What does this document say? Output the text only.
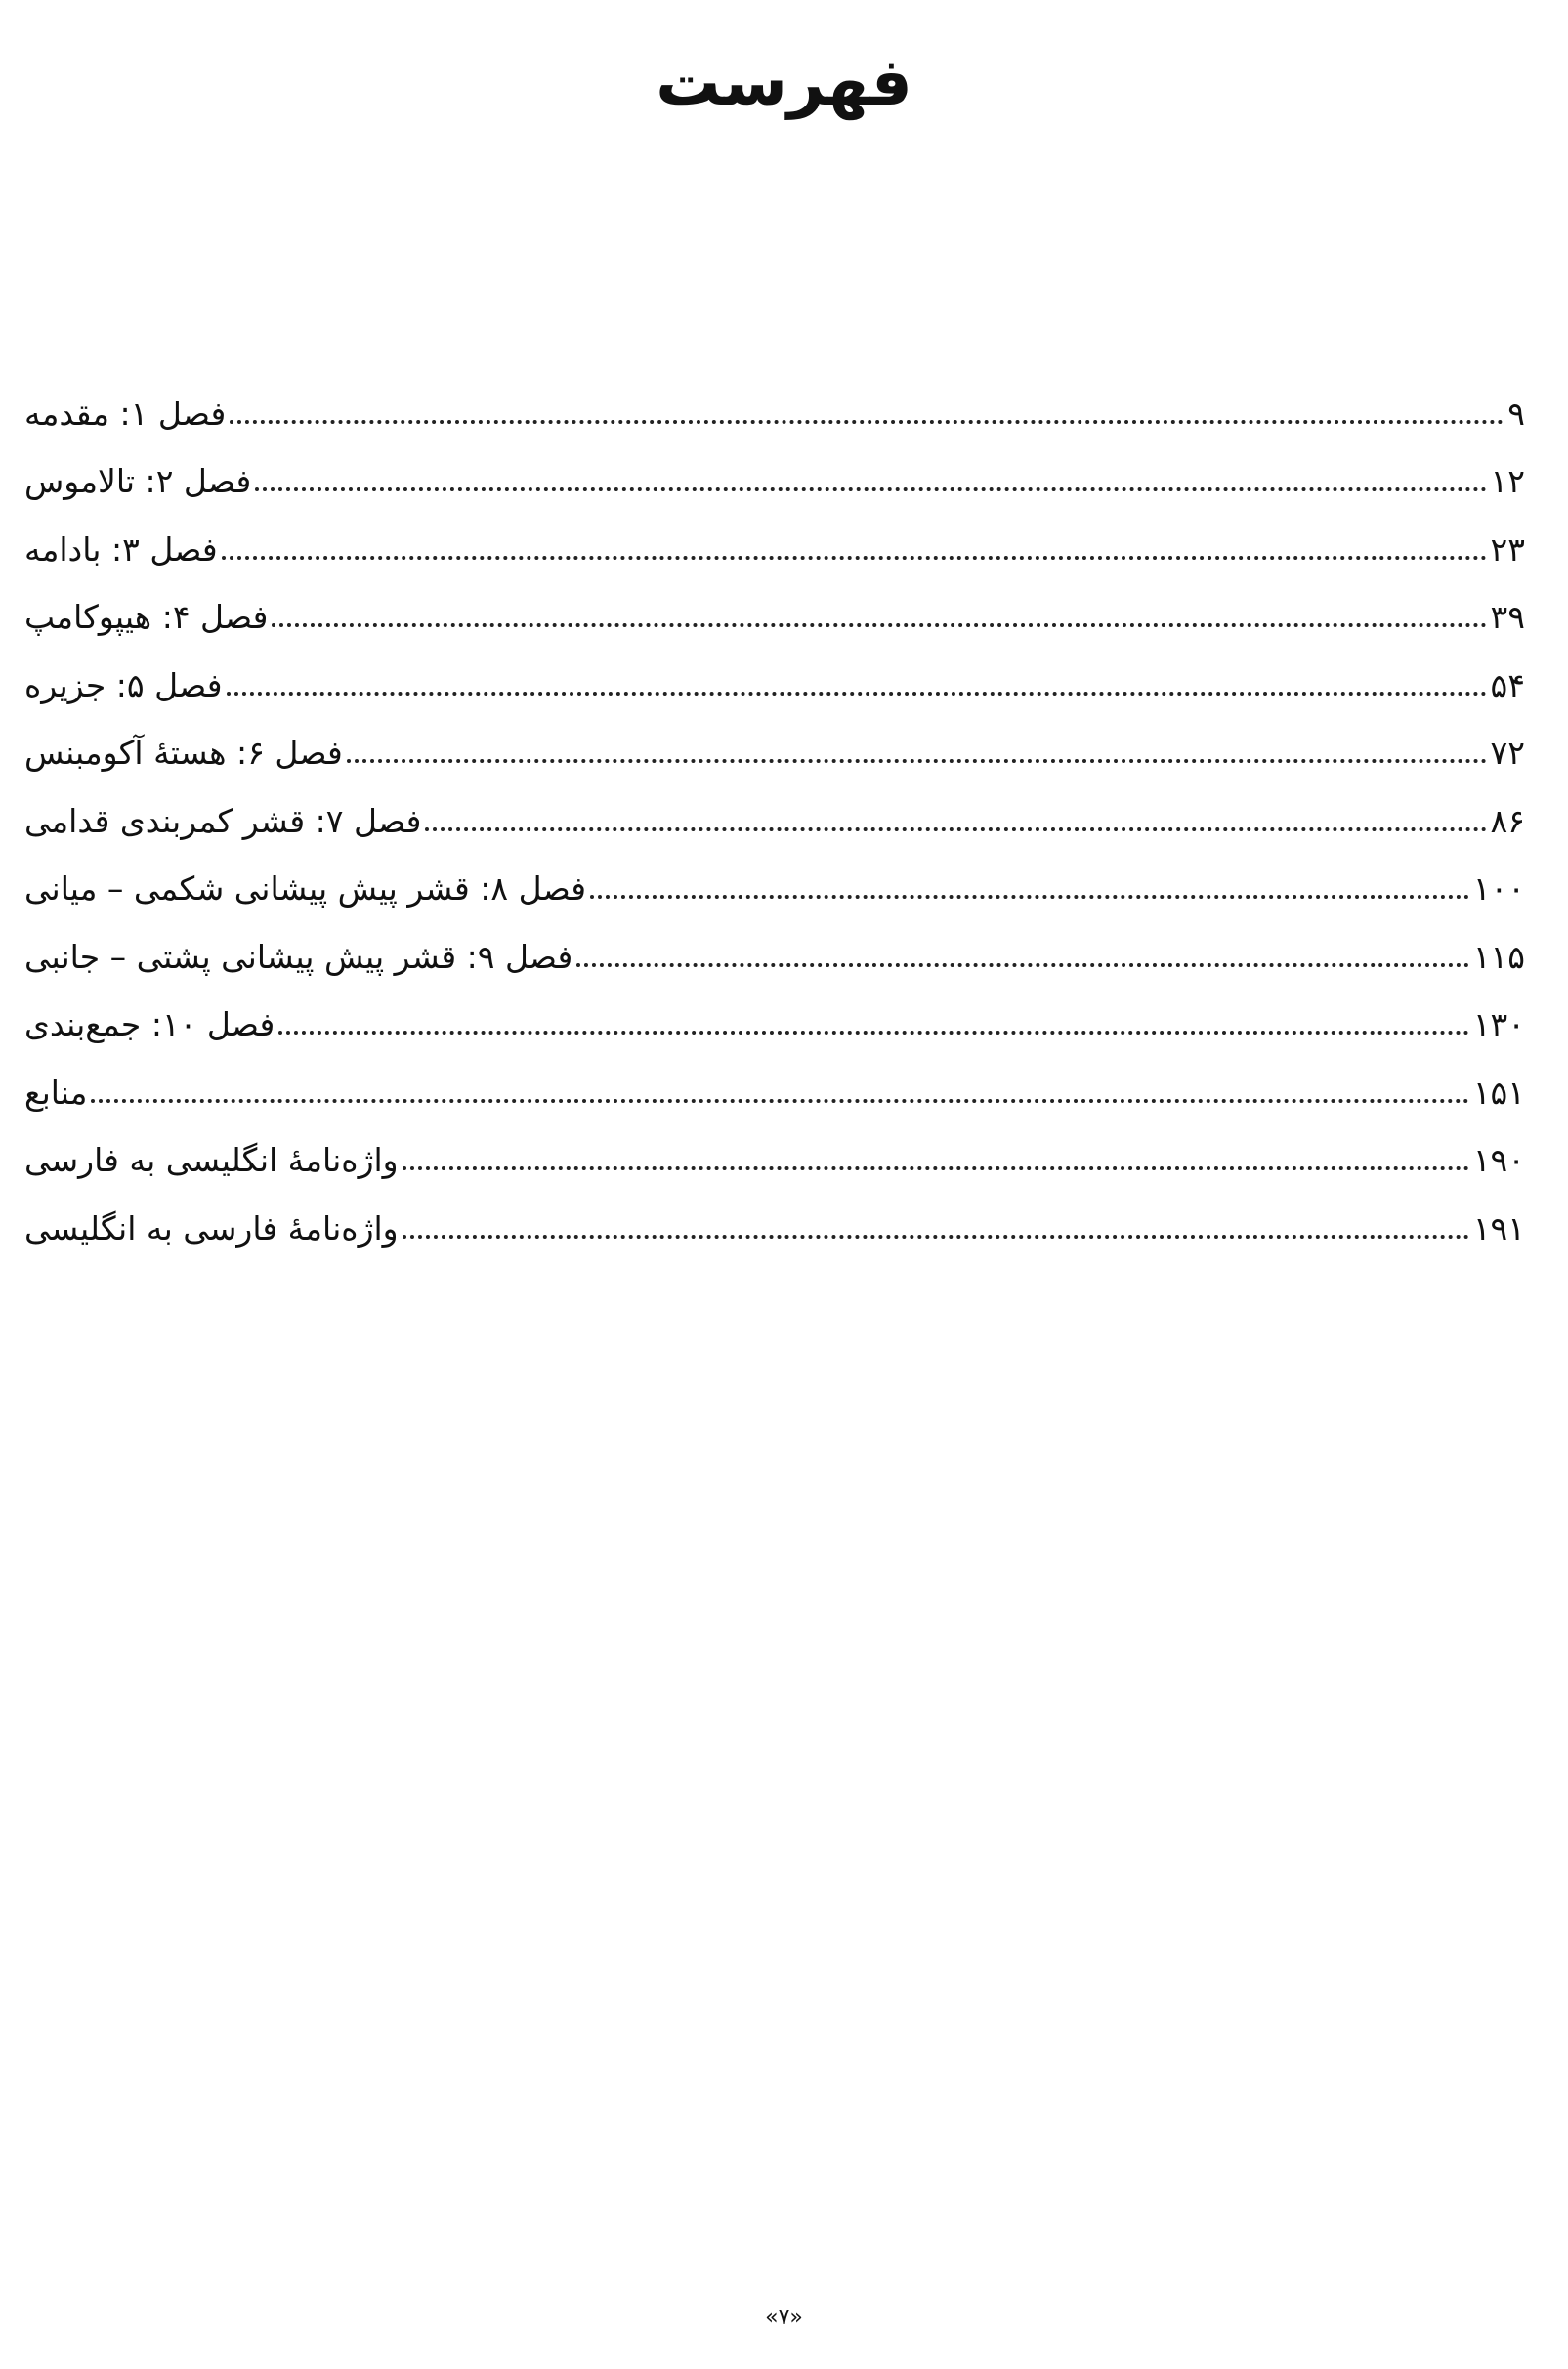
فهرست
فصل ۱: مقدمه	۹
فصل ۲: تالاموس	۱۲
فصل ۳: بادامه	۲۳
فصل ۴: هیپوکامپ	۳۹
فصل ۵: جزیره	۵۴
فصل ۶: هستهٔ آکومبنس	۷۲
فصل ۷: قشر کمربندی قدامی	۸۶
فصل ۸: قشر پیش پیشانی شکمی – میانی	۱۰۰
فصل ۹: قشر پیش پیشانی پشتی – جانبی	۱۱۵
فصل ۱۰: جمع‌بندی	۱۳۰
منابع	۱۵۱
واژه‌نامهٔ انگلیسی به فارسی	۱۹۰
واژه‌نامهٔ فارسی به انگلیسی	۱۹۱
«۷»
